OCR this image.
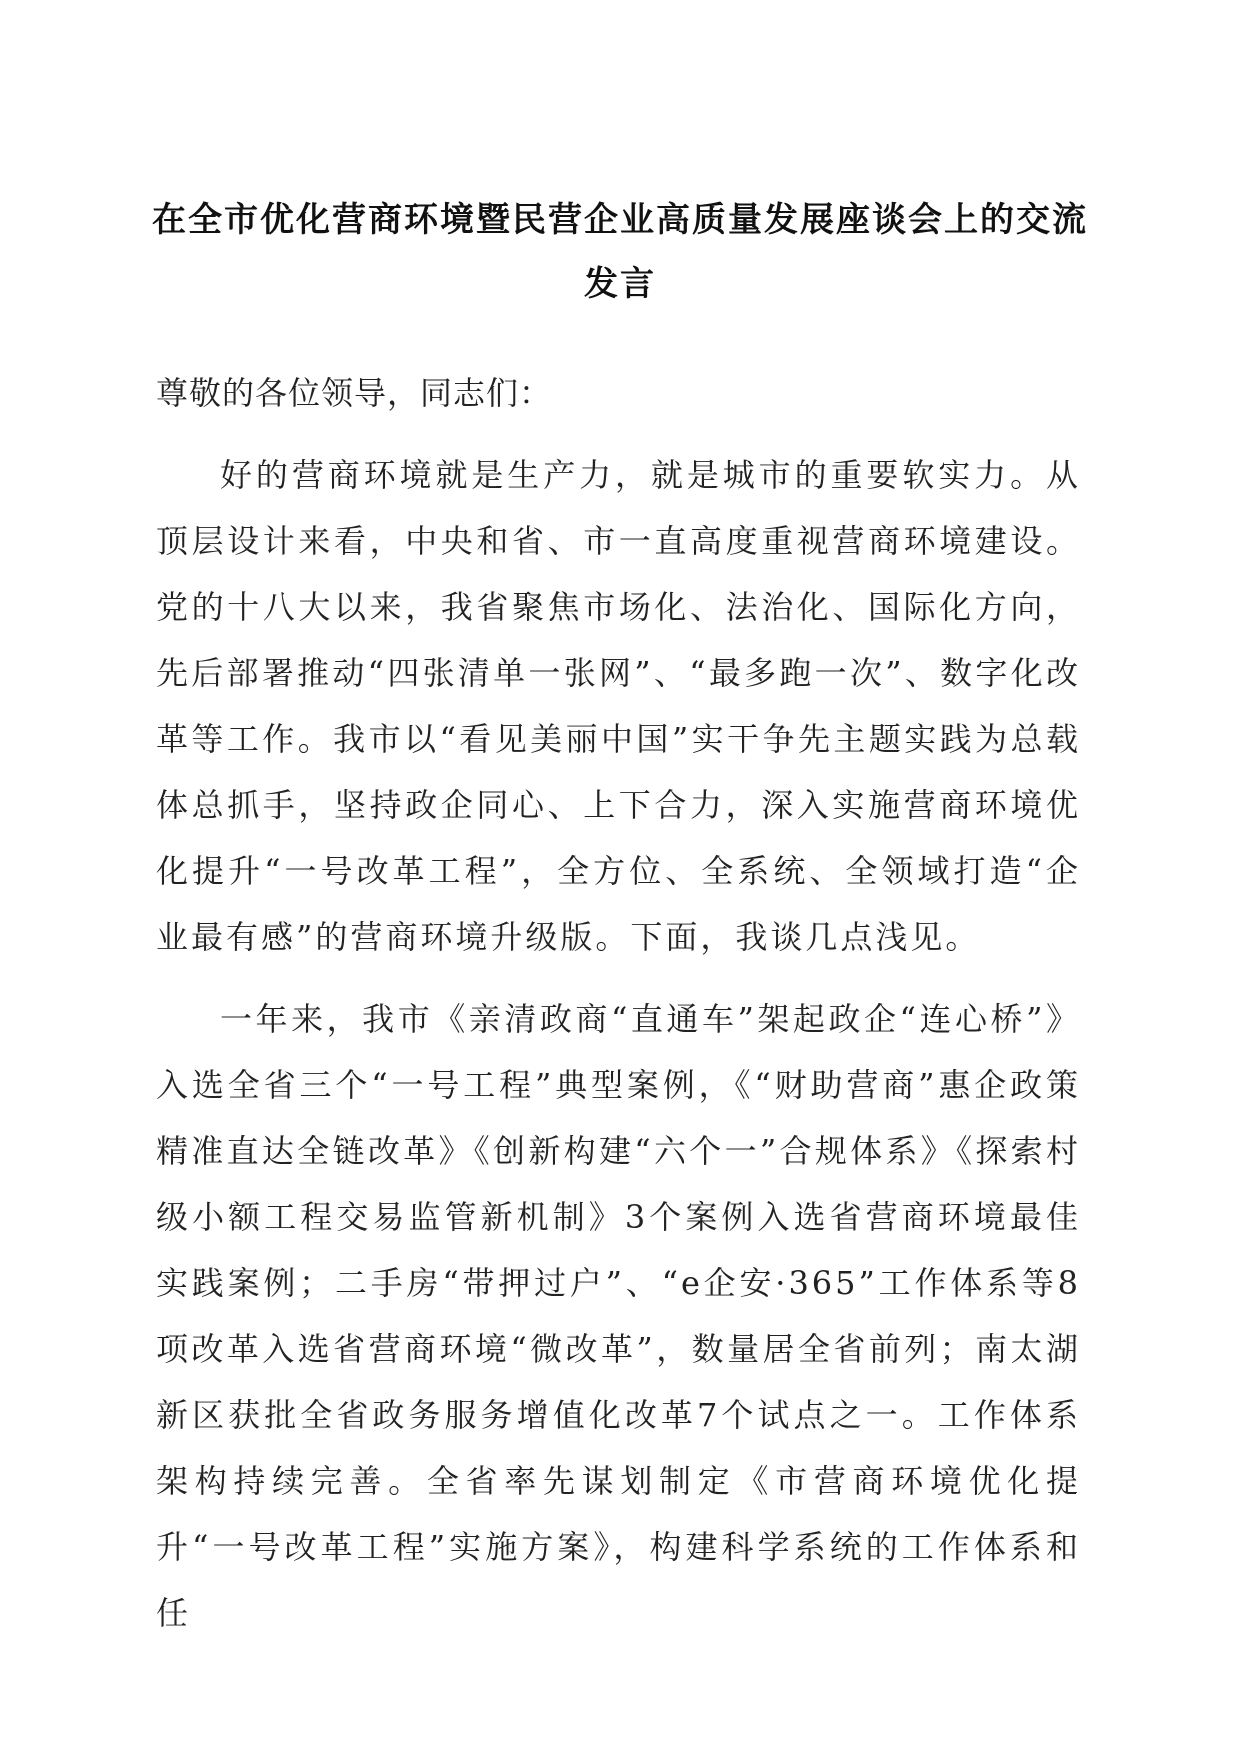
在全市优化营商环境暨民营企业高质量发展座谈会上的交流发言

尊敬的各位领导，同志们：

好的营商环境就是生产力，就是城市的重要软实力。从顶层设计来看，中央和省、市一直高度重视营商环境建设。党的十八大以来，我省聚焦市场化、法治化、国际化方向，先后部署推动“四张清单一张网”、“最多跑一次”、数字化改革等工作。我市以“看见美丽中国”实干争先主题实践为总载体总抓手，坚持政企同心、上下合力，深入实施营商环境优化提升“一号改革工程”，全方位、全系统、全领域打造“企业最有感”的营商环境升级版。下面，我谈几点浅见。

一年来，我市《亲清政商“直通车”架起政企“连心桥”》入选全省三个“一号工程”典型案例，《“财助营商”惠企政策精准直达全链改革》《创新构建“六个一”合规体系》《探索村级小额工程交易监管新机制》3个案例入选省营商环境最佳实践案例；二手房“带押过户”、“e企安·365”工作体系等8项改革入选省营商环境“微改革”，数量居全省前列；南太湖新区获批全省政务服务增值化改革7个试点之一。工作体系架构持续完善。全省率先谋划制定《市营商环境优化提升“一号改革工程”实施方案》，构建科学系统的工作体系和任
